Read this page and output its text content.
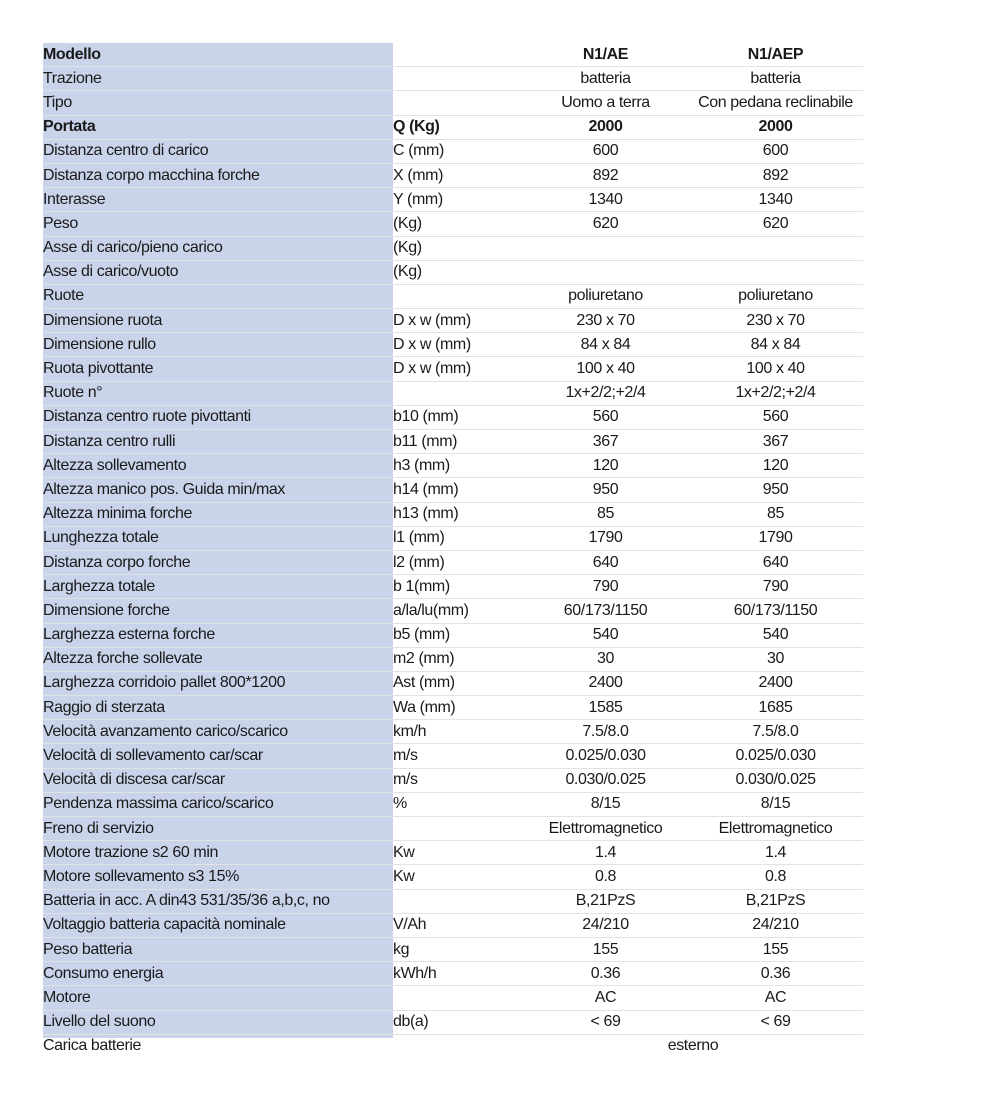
Modello		N1/AE	N1/AEP
Trazione		batteria	batteria
Tipo		Uomo a terra	Con pedana reclinabile
Portata	Q (Kg)	2000	2000
Distanza centro di carico	C (mm)	600	600
Distanza corpo macchina forche	X (mm)	892	892
Interasse	Y (mm)	1340	1340
Peso	(Kg)	620	620
Asse di carico/pieno carico	(Kg)		
Asse di carico/vuoto	(Kg)		
Ruote		poliuretano	poliuretano
Dimensione ruota	D x w (mm)	230 x 70	230 x 70
Dimensione rullo	D x w (mm)	84 x 84	84 x 84
Ruota pivottante	D x w (mm)	100 x 40	100 x 40
Ruote n°		1x+2/2;+2/4	1x+2/2;+2/4
Distanza centro ruote pivottanti	b10 (mm)	560	560
Distanza centro rulli	b11 (mm)	367	367
Altezza sollevamento	h3 (mm)	120	120
Altezza manico pos. Guida min/max	h14 (mm)	950	950
Altezza minima forche	h13 (mm)	85	85
Lunghezza totale	l1 (mm)	1790	1790
Distanza corpo forche	l2 (mm)	640	640
Larghezza totale	b 1(mm)	790	790
Dimensione forche	a/la/lu(mm)	60/173/1150	60/173/1150
Larghezza esterna forche	b5 (mm)	540	540
Altezza forche sollevate	m2 (mm)	30	30
Larghezza corridoio pallet 800*1200	Ast (mm)	2400	2400
Raggio di sterzata	Wa (mm)	1585	1685
Velocità avanzamento carico/scarico	km/h	7.5/8.0	7.5/8.0
Velocità di sollevamento car/scar	m/s	0.025/0.030	0.025/0.030
Velocità di discesa car/scar	m/s	0.030/0.025	0.030/0.025
Pendenza massima carico/scarico	%	8/15	8/15
Freno di servizio		Elettromagnetico	Elettromagnetico
Motore trazione s2 60 min	Kw	1.4	1.4
Motore sollevamento s3 15%	Kw	0.8	0.8
Batteria in acc. A din43 531/35/36 a,b,c, no		B,21PzS	B,21PzS
Voltaggio batteria capacità nominale	V/Ah	24/210	24/210
Peso batteria	kg	155	155
Consumo energia	kWh/h	0.36	0.36
Motore		AC	AC
Livello del suono	db(a)	< 69	< 69
Carica batterie		esterno	
